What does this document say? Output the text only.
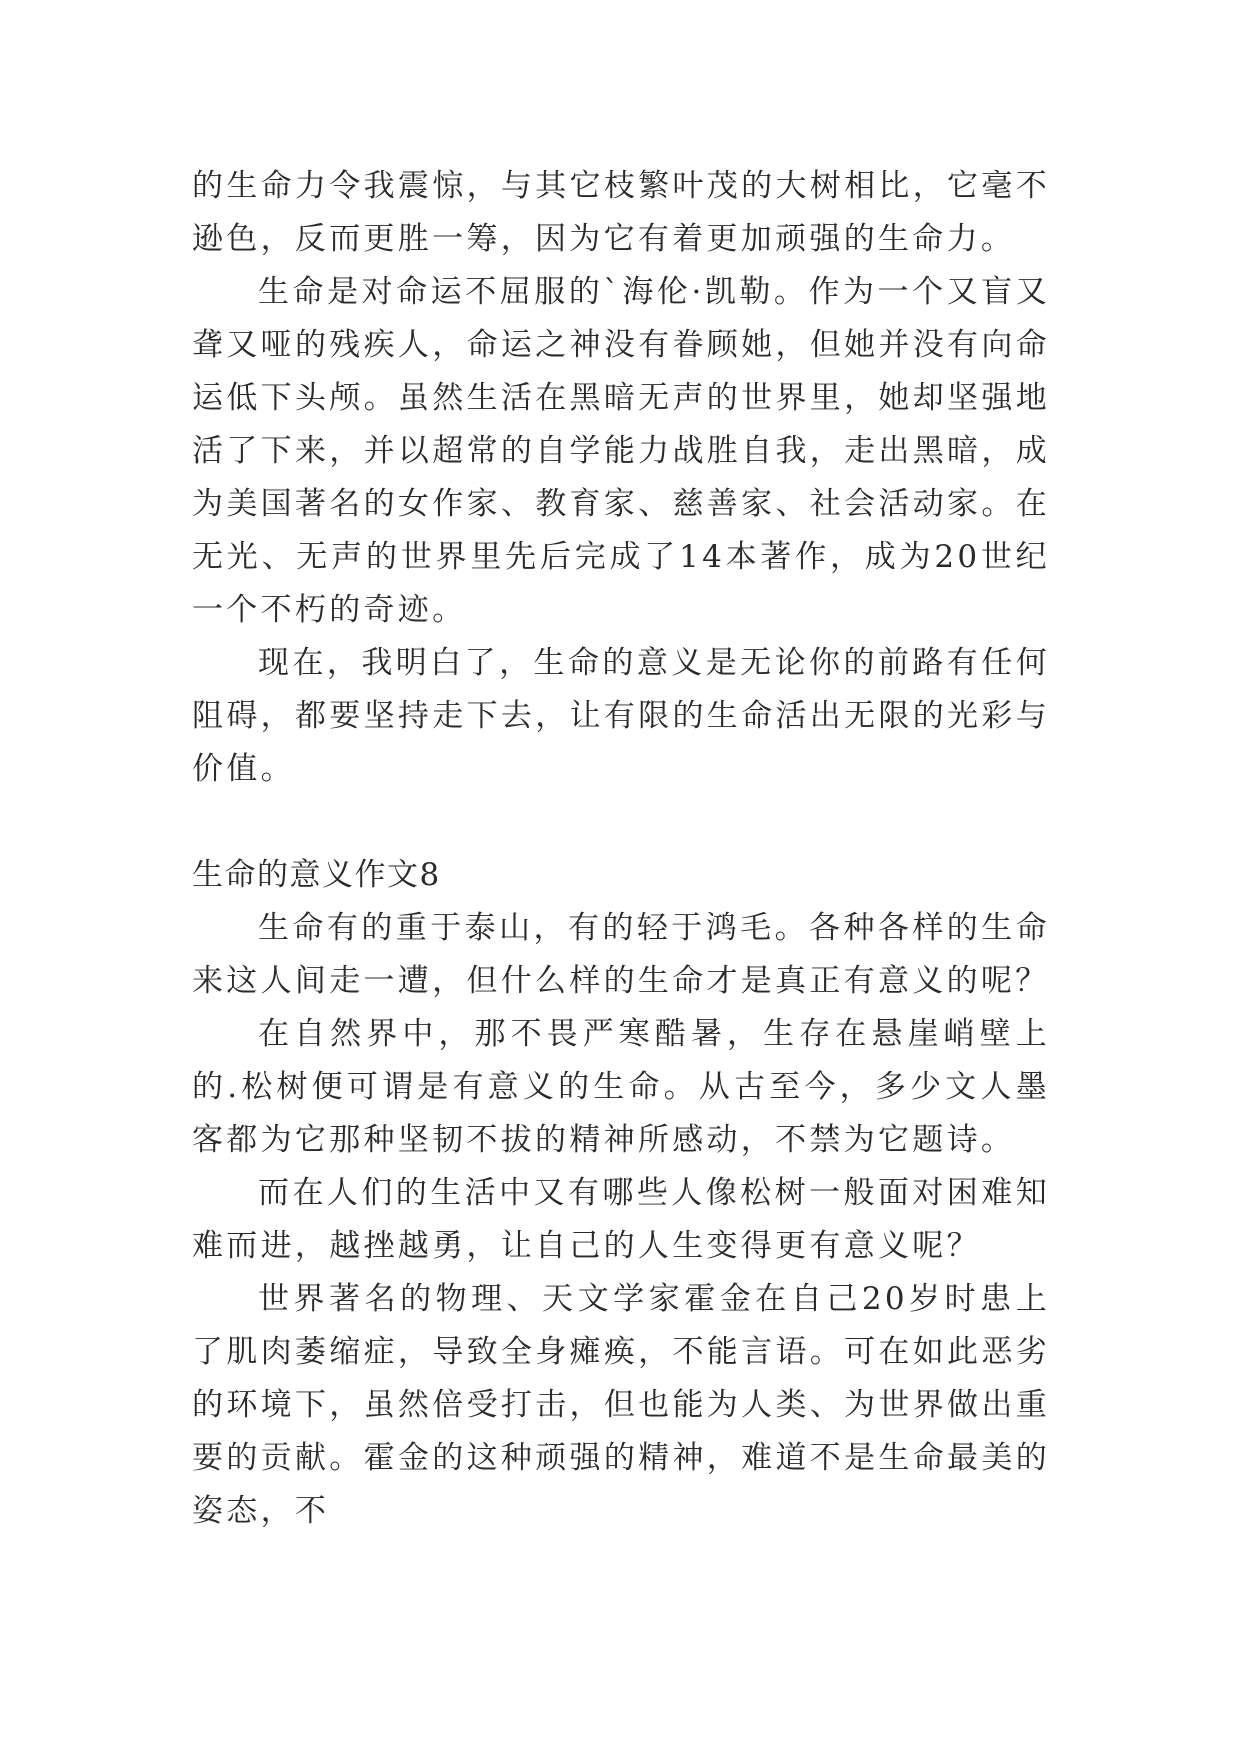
的生命力令我震惊，与其它枝繁叶茂的大树相比，它毫不逊色，反而更胜一筹，因为它有着更加顽强的生命力。

生命是对命运不屈服的`海伦·凯勒。作为一个又盲又聋又哑的残疾人，命运之神没有眷顾她，但她并没有向命运低下头颅。虽然生活在黑暗无声的世界里，她却坚强地活了下来，并以超常的自学能力战胜自我，走出黑暗，成为美国著名的女作家、教育家、慈善家、社会活动家。在无光、无声的世界里先后完成了14本著作，成为20世纪一个不朽的奇迹。

现在，我明白了，生命的意义是无论你的前路有任何阻碍，都要坚持走下去，让有限的生命活出无限的光彩与价值。

生命的意义作文8

生命有的重于泰山，有的轻于鸿毛。各种各样的生命来这人间走一遭，但什么样的生命才是真正有意义的呢？

在自然界中，那不畏严寒酷暑，生存在悬崖峭壁上的.松树便可谓是有意义的生命。从古至今，多少文人墨客都为它那种坚韧不拔的精神所感动，不禁为它题诗。

而在人们的生活中又有哪些人像松树一般面对困难知难而进，越挫越勇，让自己的人生变得更有意义呢？

世界著名的物理、天文学家霍金在自己20岁时患上了肌肉萎缩症，导致全身瘫痪，不能言语。可在如此恶劣的环境下，虽然倍受打击，但也能为人类、为世界做出重要的贡献。霍金的这种顽强的精神，难道不是生命最美的姿态，不
